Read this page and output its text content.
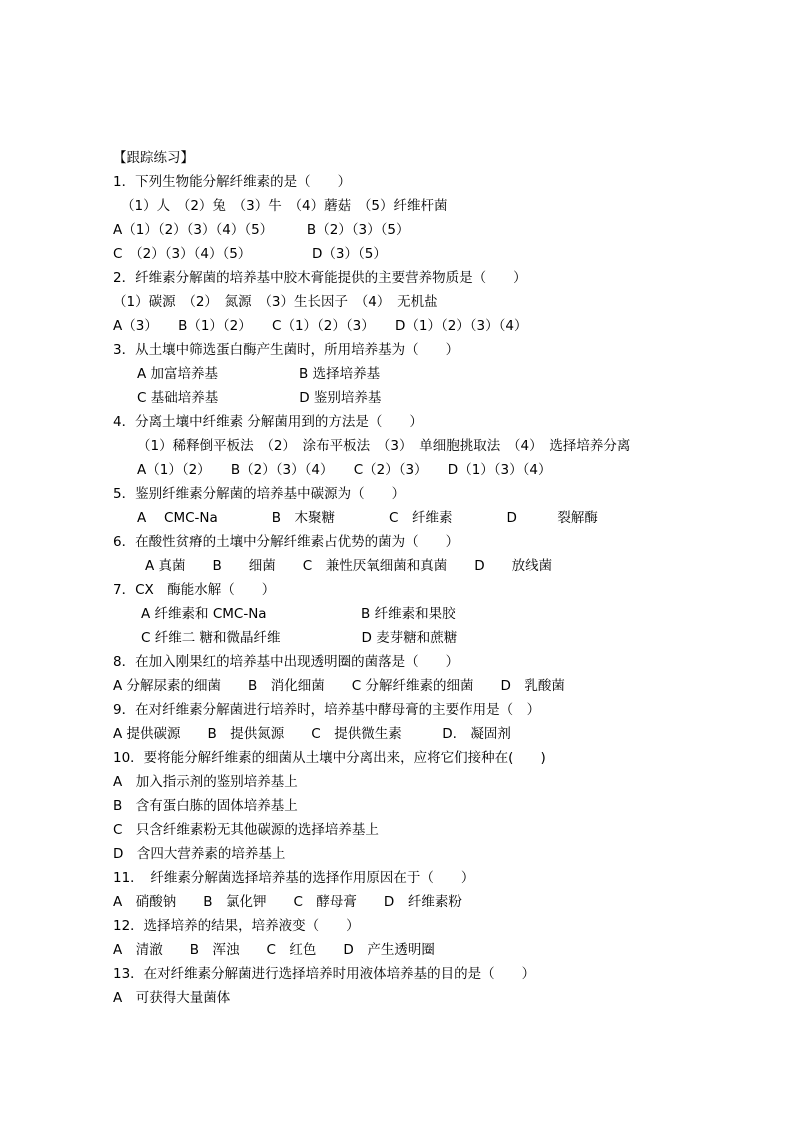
【跟踪练习】
1．下列生物能分解纤维素的是（　　）
（1）人　（2）兔　（3）牛　（4）蘑菇　（5）纤维杆菌
A（1）（2）（3）（4）（5）　　　B（2）（3）（5）
C　（2）（3）（4）（5）　　　　　D（3）（5）
2．纤维素分解菌的培养基中胶木膏能提供的主要营养物质是（　　）
（1）碳源　（2）　氮源　（3）生长因子　（4）　无机盐
A（3）　　B（1）（2）　　C（1）（2）（3）　　D（1）（2）（3）（4）
3．从土壤中筛选蛋白酶产生菌时，所用培养基为（　　）
A 加富培养基　　　　　　B 选择培养基
C 基础培养基　　　　　　D 鉴别培养基
4．分离土壤中纤维素 分解菌用到的方法是（　　）
（1）稀释倒平板法　（2）　涂布平板法　（3）　单细胞挑取法　（4）　选择培养分离
A（1）（2）　　B（2）（3）（4）　　C（2）（3）　　D（1）（3）（4）
5．鉴别纤维素分解菌的培养基中碳源为（　　）
A　 CMC-Na　　　　B　木聚糖　　　　C　纤维素　　　　D　　　裂解酶
6．在酸性贫瘠的土壤中分解纤维素占优势的菌为（　　）
A 真菌　　B　　细菌　　C　兼性厌氧细菌和真菌　　D　　放线菌
7．CX　酶能水解（　　）
A 纤维素和 CMC-Na　　　　　　　B 纤维素和果胶
C 纤维二 糖和微晶纤维　　　　　　D 麦芽糖和蔗糖
8．在加入刚果红的培养基中出现透明圈的菌落是（　　）
A 分解尿素的细菌　　B　消化细菌　　C 分解纤维素的细菌　　D　乳酸菌
9．在对纤维素分解菌进行培养时，培养基中酵母膏的主要作用是（　）
A 提供碳源　　B　提供氮源　　C　提供微生素　　　D.　凝固剂
10．要将能分解纤维素的细菌从土壤中分离出来，应将它们接种在(　　)
A　加入指示剂的鉴别培养基上
B　含有蛋白胨的固体培养基上
C　只含纤维素粉无其他碳源的选择培养基上
D　含四大营养素的培养基上
11．　纤维素分解菌选择培养基的选择作用原因在于（　　）
A　硝酸钠　　B　氯化钾　　C　酵母膏　　D　纤维素粉
12．选择培养的结果，培养液变（　　）
A　清澈　　B　浑浊　　C　红色　　D　产生透明圈
13．在对纤维素分解菌进行选择培养时用液体培养基的目的是（　　）
A　可获得大量菌体
